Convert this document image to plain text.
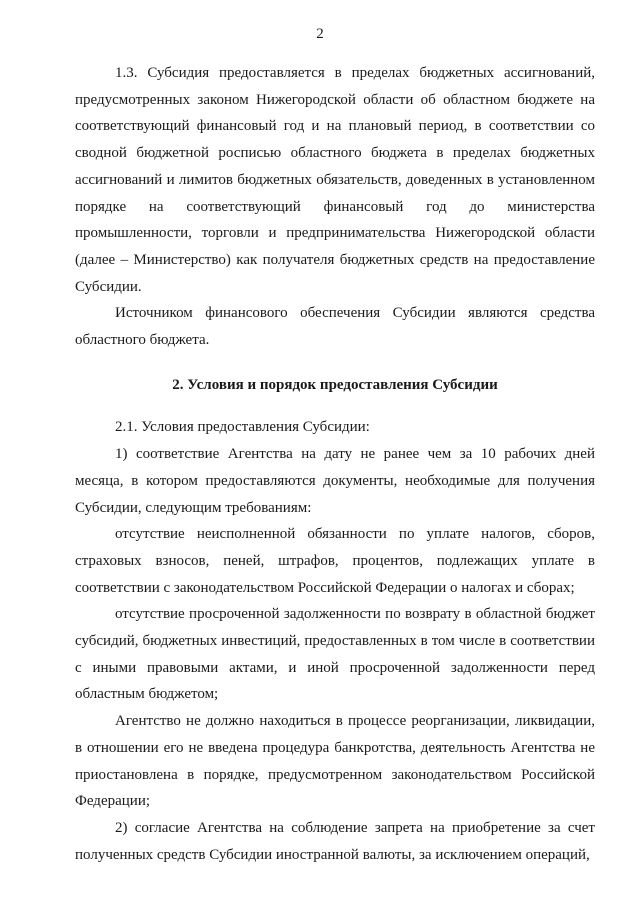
2

1.3. Субсидия предоставляется в пределах бюджетных ассигнований, предусмотренных законом Нижегородской области об областном бюджете на соответствующий финансовый год и на плановый период, в соответствии со сводной бюджетной росписью областного бюджета в пределах бюджетных ассигнований и лимитов бюджетных обязательств, доведенных в установленном порядке на соответствующий финансовый год до министерства промышленности, торговли и предпринимательства Нижегородской области (далее – Министерство) как получателя бюджетных средств на предоставление Субсидии.

Источником финансового обеспечения Субсидии являются средства областного бюджета.

2. Условия и порядок предоставления Субсидии

2.1. Условия предоставления Субсидии:

1) соответствие Агентства на дату не ранее чем за 10 рабочих дней месяца, в котором предоставляются документы, необходимые для получения Субсидии, следующим требованиям:

отсутствие неисполненной обязанности по уплате налогов, сборов, страховых взносов, пеней, штрафов, процентов, подлежащих уплате в соответствии с законодательством Российской Федерации о налогах и сборах;

отсутствие просроченной задолженности по возврату в областной бюджет субсидий, бюджетных инвестиций, предоставленных в том числе в соответствии с иными правовыми актами, и иной просроченной задолженности перед областным бюджетом;

Агентство не должно находиться в процессе реорганизации, ликвидации, в отношении его не введена процедура банкротства, деятельность Агентства не приостановлена в порядке, предусмотренном законодательством Российской Федерации;

2) согласие Агентства на соблюдение запрета на приобретение за счет полученных средств Субсидии иностранной валюты, за исключением операций,
